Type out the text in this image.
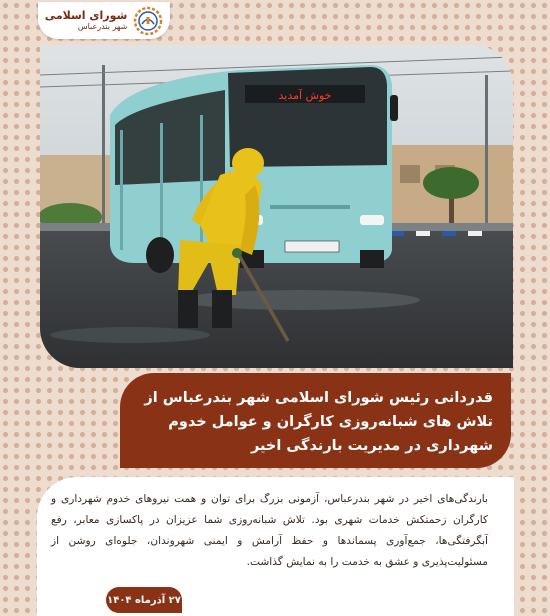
شورای اسلامی
شهر بندرعباس
خوش آمدید
قدردانی رئیس شورای اسلامی شهر بندرعباس از تلاش های شبانه‌روزی کارگران و عوامل خدوم شهرداری در مدیریت بارندگی اخیر
بارندگی‌های اخیر در شهر بندرعباس، آزمونی بزرگ برای توان و همت نیروهای خدوم شهرداری و کارگران زحمتکش خدمات شهری بود. تلاش شبانه‌روزی شما عزیزان در پاکسازی معابر، رفع آبگرفتگی‌ها، جمع‌آوری پسماندها و حفظ آرامش و ایمنی شهروندان، جلوه‌ای روشن از مسئولیت‌پذیری و عشق به خدمت را به نمایش گذاشت.
۲۷ آذرماه ۱۴۰۴
